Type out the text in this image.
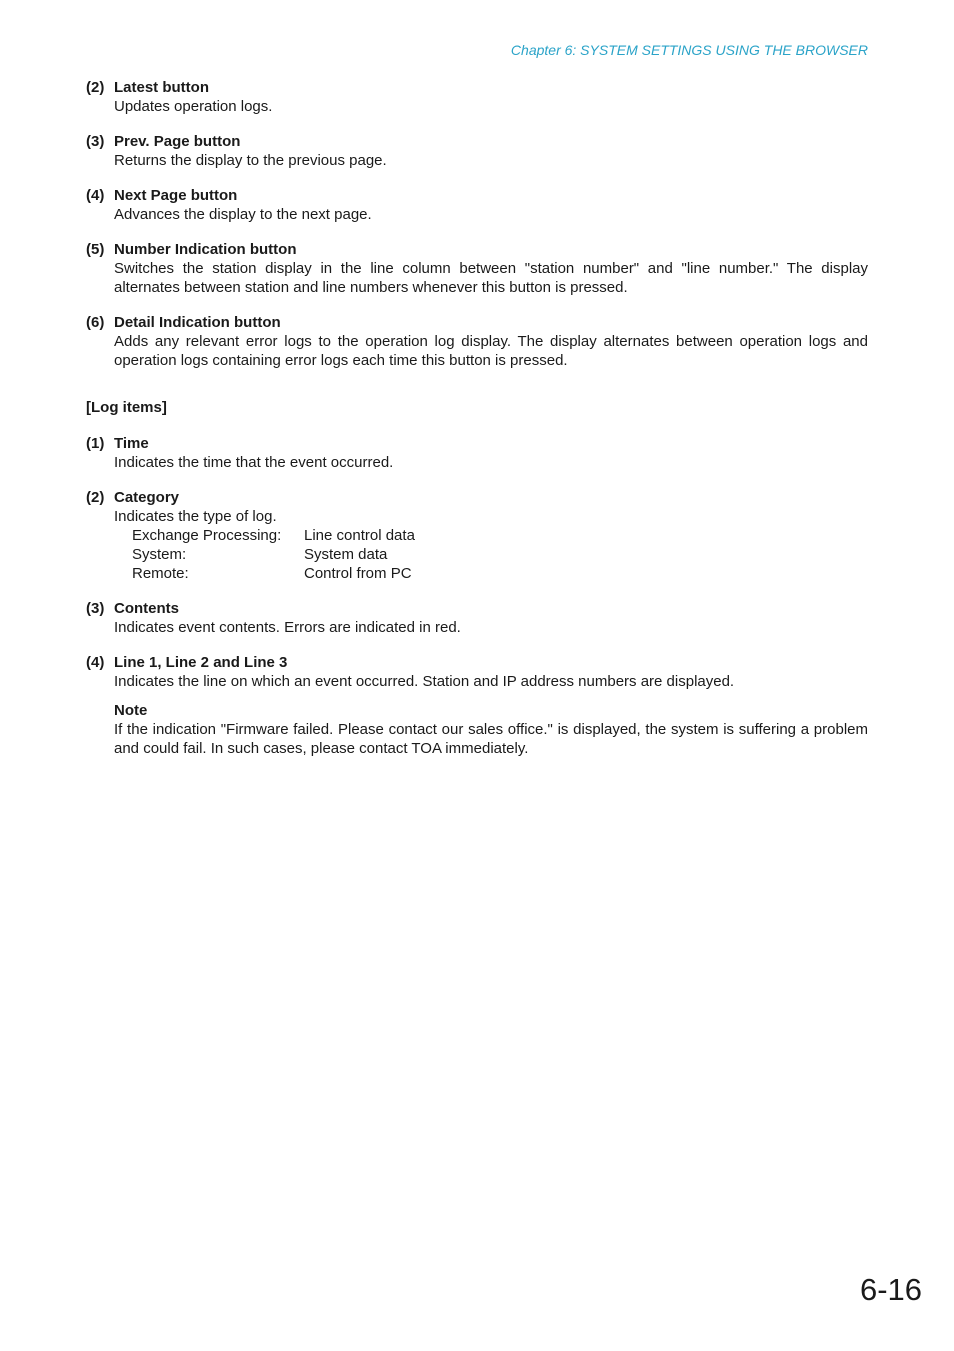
Chapter 6: SYSTEM SETTINGS USING THE BROWSER
(2) Latest button
Updates operation logs.
(3) Prev. Page button
Returns the display to the previous page.
(4) Next Page button
Advances the display to the next page.
(5) Number Indication button
Switches the station display in the line column between "station number" and "line number." The display alternates between station and line numbers whenever this button is pressed.
(6) Detail Indication button
Adds any relevant error logs to the operation log display. The display alternates between operation logs and operation logs containing error logs each time this button is pressed.
[Log items]
(1) Time
Indicates the time that the event occurred.
(2) Category
Indicates the type of log.
Exchange Processing:	Line control data
System:	System data
Remote:	Control from PC
(3) Contents
Indicates event contents. Errors are indicated in red.
(4) Line 1, Line 2 and Line 3
Indicates the line on which an event occurred. Station and IP address numbers are displayed.
Note
If the indication "Firmware failed. Please contact our sales office." is displayed, the system is suffering a problem and could fail. In such cases, please contact TOA immediately.
6-16
